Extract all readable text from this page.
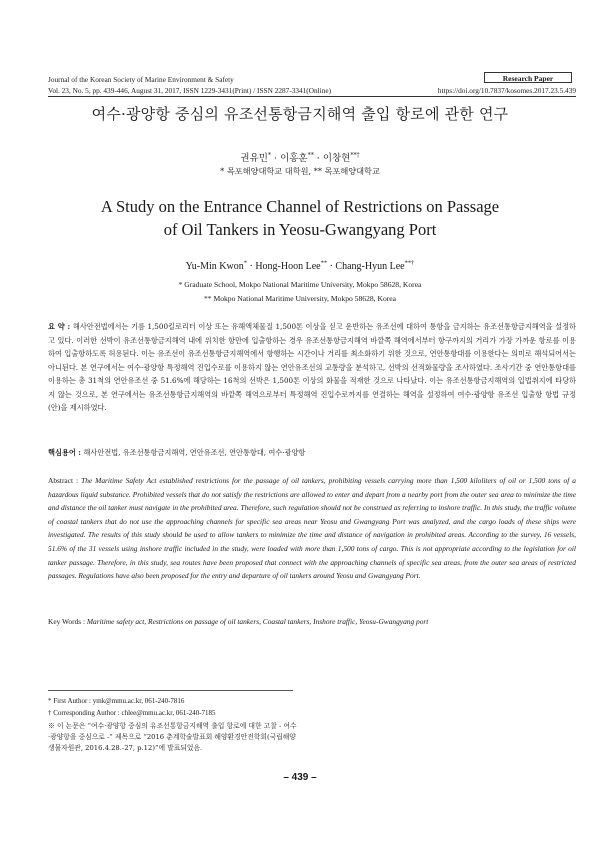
Journal of the Korean Society of Marine Environment & Safety	Research Paper
Vol. 23, No. 5, pp. 439-446, August 31, 2017, ISSN 1229-3431(Print) / ISSN 2287-3341(Online)	https://doi.org/10.7837/kosomes.2017.23.5.439
여수·광양항 중심의 유조선통항금지해역 출입 항로에 관한 연구
권유민* · 이홍훈** · 이창현**†
* 목포해양대학교 대학원, ** 목포해양대학교
A Study on the Entrance Channel of Restrictions on Passage
of Oil Tankers in Yeosu-Gwangyang Port
Yu-Min Kwon* · Hong-Hoon Lee** · Chang-Hyun Lee**†
* Graduate School, Mokpo National Maritime University, Mokpo 58628, Korea
** Mokpo National Maritime University, Mokpo 58628, Korea
요 약 : 해사안전법에서는 기름 1,500킬로리터 이상 또는 유해액체물질 1,500톤 이상을 싣고 운반하는 유조선에 대하여 통항을 금지하는 유조선통항금지해역을 설정하고 있다. 이러한 선박이 유조선통항금지해역 내에 위치한 항만에 입출항하는 경우 유조선통항금지해역 바깥쪽 해역에서부터 항구까지의 거리가 가장 가까운 항로를 이용하여 입출항하도록 허용된다. 이는 유조선이 유조선통항금지해역에서 항행하는 시간이나 거리를 최소화하기 위한 것으로, 연안통항대를 이용한다는 의미로 해석되어서는 아니된다. 본 연구에서는 여수·광양항 특정해역 진입수로를 이용하지 않는 연안유조선의 교통량을 분석하고, 선박의 선적화물량을 조사하였다. 조사기간 중 연안통항대를 이용하는 총 31척의 연안유조선 중 51.6%에 해당하는 16척의 선박은 1,500톤 이상의 화물을 적재한 것으로 나타났다. 이는 유조선통항금지해역의 입법취지에 타당하지 않는 것으로, 본 연구에서는 유조선통항금지해역의 바깥쪽 해역으로부터 특정해역 진입수로까지를 연결하는 해역을 설정하여 여수·광양항 유조선 입출항 항법 규정(안)을 제시하였다.
핵심용어 : 해사안전법, 유조선통항금지해역, 연안유조선, 연안통항대, 여수·광양항
Abstract : The Maritime Safety Act established restrictions for the passage of oil tankers, prohibiting vessels carrying more than 1,500 kiloliters of oil or 1,500 tons of a hazardous liquid substance. Prohibited vessels that do not satisfy the restrictions are allowed to enter and depart from a nearby port from the outer sea area to minimize the time and distance the oil tanker must navigate in the prohibited area. Therefore, such regulation should not be construed as referring to inshore traffic. In this study, the traffic volume of coastal tankers that do not use the approaching channels for specific sea areas near Yeosu and Gwangyang Port was analyzed, and the cargo loads of these ships were investigated. The results of this study should be used to allow tankers to minimize the time and distance of navigation in prohibited areas. According to the survey, 16 vessels, 51.6% of the 31 vessels using inshore traffic included in the study, were loaded with more than 1,500 tons of cargo. This is not appropriate according to the legislation for oil tanker passage. Therefore, in this study, sea routes have been proposed that connect with the approaching channels of specific sea areas, from the outer sea areas of restricted passages. Regulations have also been proposed for the entry and departure of oil tankers around Yeosu and Gwangyang Port.
Key Words : Maritime safety act, Restrictions on passage of oil tankers, Coastal tankers, Inshore traffic, Yeosu-Gwangyang port
* First Author : ymk@mmu.ac.kr, 061-240-7816
† Corresponding Author : chlee@mmu.ac.kr, 061-240-7185
※ 이 논문은 “여수·광양항 중심의 유조선통항금지해역 출입 항로에 대한 고찰 - 여수·광양항을 중심으로 -” 제목으로 “2016 춘계학술발표회 해양환경안전학회(국립해양생물자원관, 2016.4.28.-27, p.12)”에 발표되었음.
– 439 –
